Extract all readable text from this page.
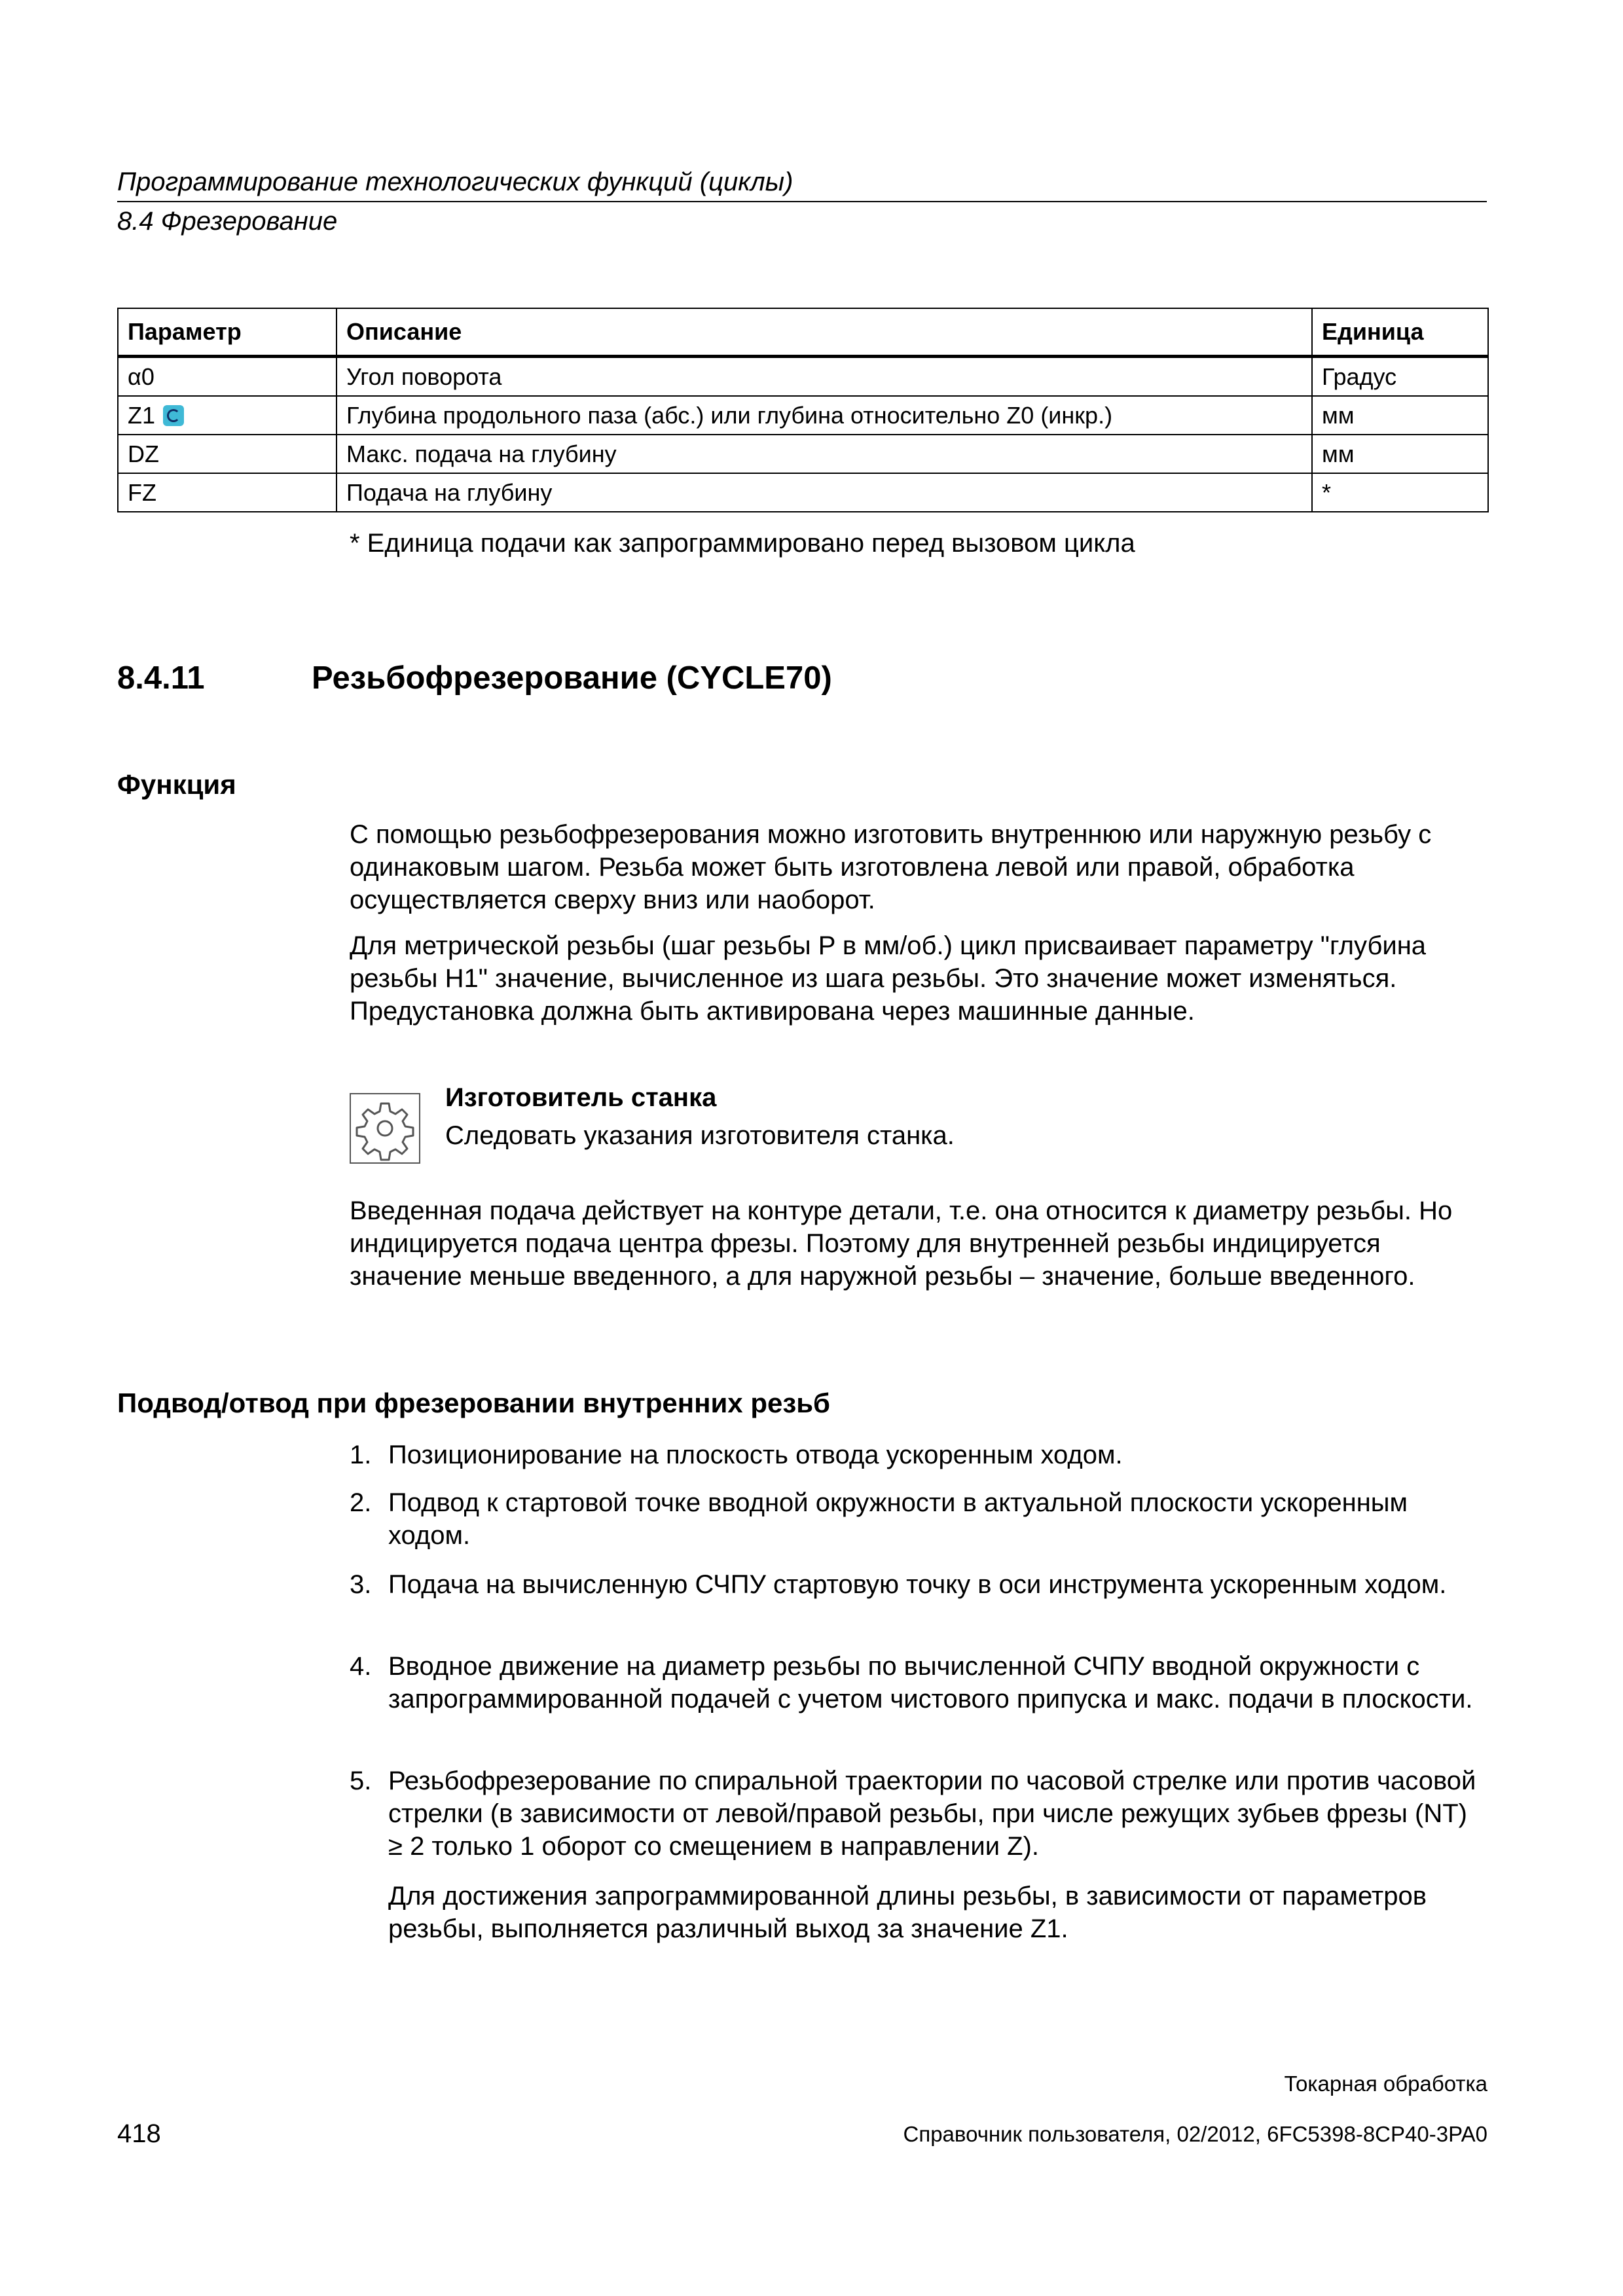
Программирование технологических функций (циклы)
8.4 Фрезерование
Параметр	Описание	Единица
α0	Угол поворота	Градус
Z1	Глубина продольного паза (абс.) или глубина относительно Z0 (инкр.)	мм
DZ	Макс. подача на глубину	мм
FZ	Подача на глубину	*
* Единица подачи как запрограммировано перед вызовом цикла
8.4.11	Резьбофрезерование (CYCLE70)
Функция

С помощью резьбофрезерования можно изготовить внутреннюю или наружную резьбу с одинаковым шагом. Резьба может быть изготовлена левой или правой, обработка осуществляется сверху вниз или наоборот.

Для метрической резьбы (шаг резьбы P в мм/об.) цикл присваивает параметру "глубина резьбы H1" значение, вычисленное из шага резьбы. Это значение может изменяться. Предустановка должна быть активирована через машинные данные.

Изготовитель станка
Следовать указания изготовителя станка.

Введенная подача действует на контуре детали, т.е. она относится к диаметру резьбы. Но индицируется подача центра фрезы. Поэтому для внутренней резьбы индицируется значение меньше введенного, а для наружной резьбы – значение, больше введенного.

Подвод/отвод при фрезеровании внутренних резьб
1. Позиционирование на плоскость отвода ускоренным ходом.

2. Подвод к стартовой точке вводной окружности в актуальной плоскости ускоренным ходом.

3. Подача на вычисленную СЧПУ стартовую точку в оси инструмента ускоренным ходом.

4. Вводное движение на диаметр резьбы по вычисленной СЧПУ вводной окружности с запрограммированной подачей с учетом чистового припуска и макс. подачи в плоскости.

5. Резьбофрезерование по спиральной траектории по часовой стрелке или против часовой стрелки (в зависимости от левой/правой резьбы, при числе режущих зубьев фрезы (NT) ≥ 2 только 1 оборот со смещением в направлении Z).

Для достижения запрограммированной длины резьбы, в зависимости от параметров резьбы, выполняется различный выход за значение Z1.

Токарная обработка
418	Справочник пользователя, 02/2012, 6FC5398-8CP40-3PA0
